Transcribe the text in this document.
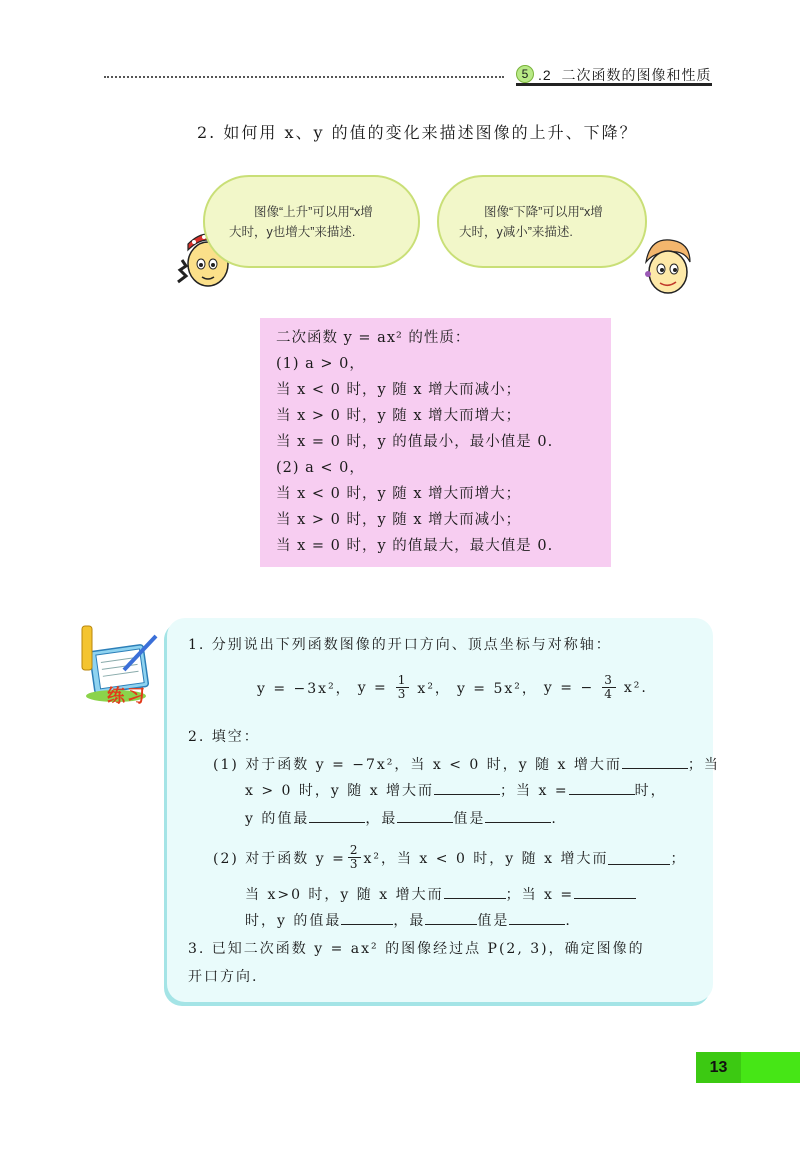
5 .2 二次函数的图像和性质
2. 如何用 x、y 的值的变化来描述图像的上升、下降？
图像“上升”可以用“x增
大时，y也增大”来描述.
图像“下降”可以用“x增
大时，y减小”来描述.
二次函数 y = ax² 的性质：
(1) a > 0，
当 x < 0 时，y 随 x 增大而减小；
当 x > 0 时，y 随 x 增大而增大；
当 x = 0 时，y 的值最小，最小值是 0.
(2) a < 0，
当 x < 0 时，y 随 x 增大而增大；
当 x > 0 时，y 随 x 增大而减小；
当 x = 0 时，y 的值最大，最大值是 0.
练习
1. 分别说出下列函数图像的开口方向、顶点坐标与对称轴：
y = −3x²， $y = \frac{1}{3} x^2$， y = 5x²， y = − $\frac{3}{4} x^2$.
2. 填空：
(1) 对于函数 y = −7x²，当 x < 0 时，y 随 x 增大而	；当
x > 0 时，y 随 x 增大而	；当 x =	时，
y 的值最	，最	值是	.
(2) 对于函数 $y = \frac{2}{3} x^2$，当 x < 0 时，y 随 x 增大而	；
当 x>0 时，y 随 x 增大而	；当 x =
时，y 的值最	，最	值是	.
3. 已知二次函数 y = ax² 的图像经过点 P(2, 3)，确定图像的
开口方向.
13
